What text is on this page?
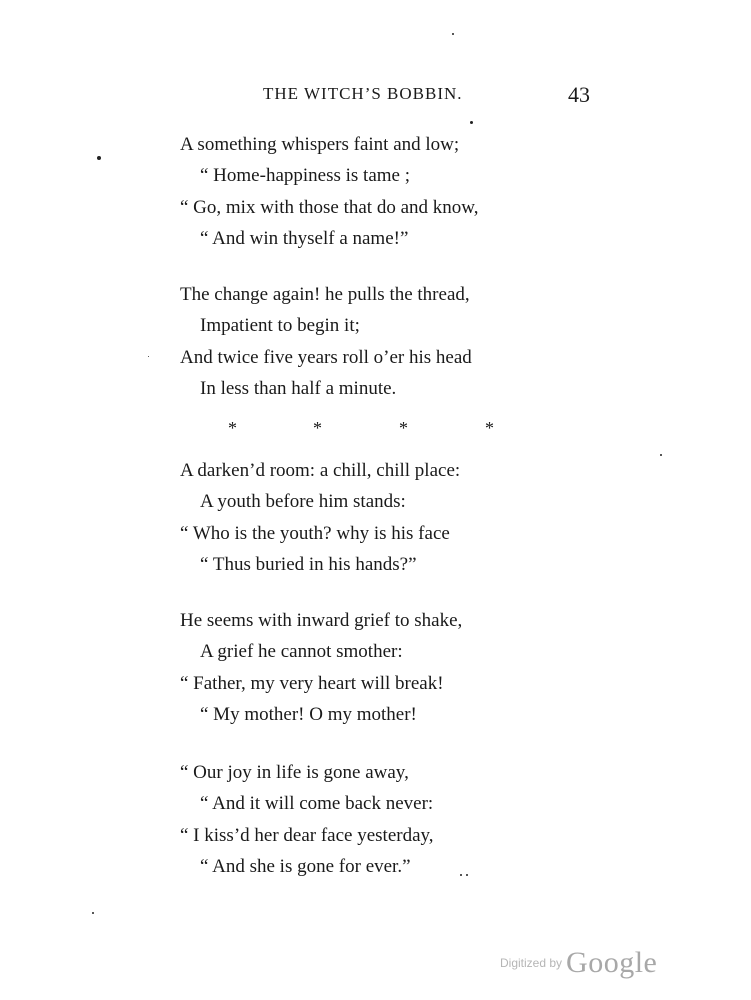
THE WITCH’S BOBBIN.	43
A something whispers faint and low;
“ Home-happiness is tame ;
“ Go, mix with those that do and know,
“ And win thyself a name!”
The change again! he pulls the thread,
Impatient to begin it;
And twice five years roll o’er his head
In less than half a minute.
*	*	*	*
A darken’d room: a chill, chill place:
A youth before him stands:
“ Who is the youth? why is his face
“ Thus buried in his hands?”
He seems with inward grief to shake,
A grief he cannot smother:
“ Father, my very heart will break!
“ My mother! O my mother!
“ Our joy in life is gone away,
“ And it will come back never:
“ I kiss’d her dear face yesterday,
“ And she is gone for ever.”
Digitized by Google
